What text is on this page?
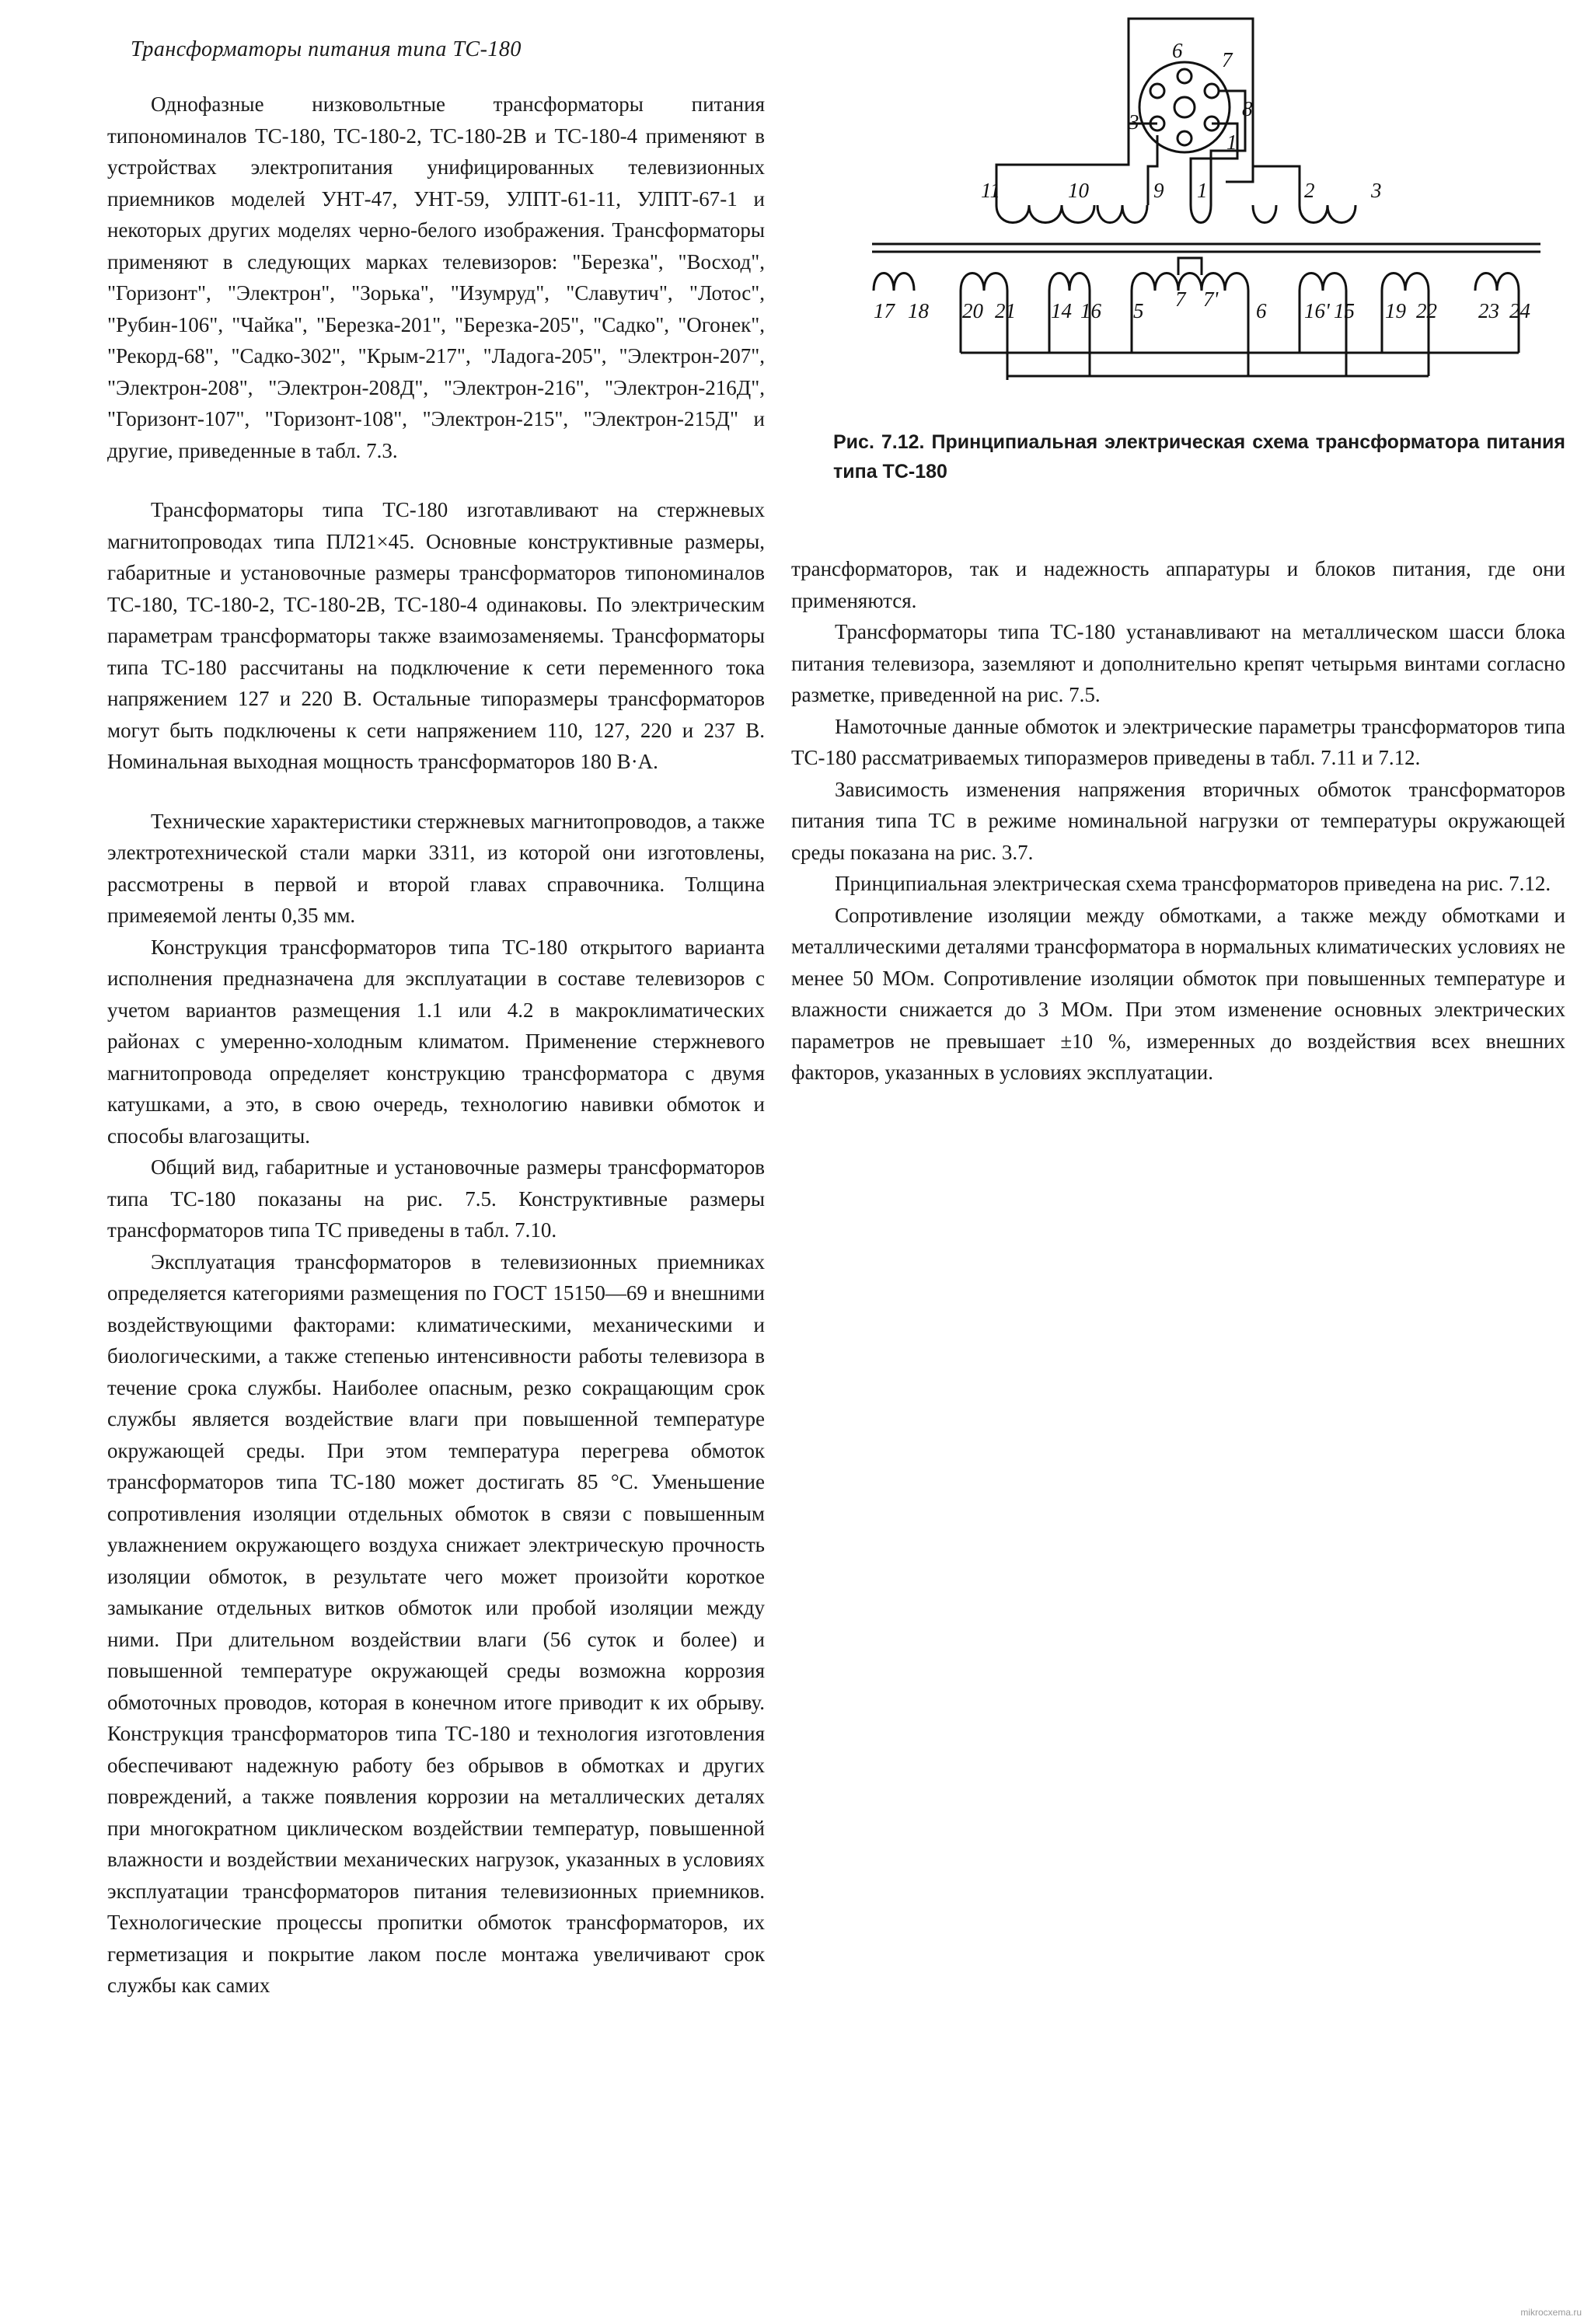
Трансформаторы питания типа ТС-180

Однофазные низковольтные трансформаторы питания типономиналов ТС-180, ТС-180-2, ТС-180-2В и ТС-180-4 применяют в устройствах электропитания унифицированных телевизионных приемников моделей УНТ-47, УНТ-59, УЛПТ-61-11, УЛПТ-67-1 и некоторых других моделях черно-белого изображения. Трансформаторы применяют в следующих марках телевизоров: "Березка", "Восход", "Горизонт", "Электрон", "Зорька", "Изумруд", "Славутич", "Лотос", "Рубин-106", "Чайка", "Березка-201", "Березка-205", "Садко", "Огонек", "Рекорд-68", "Садко-302", "Крым-217", "Ладога-205", "Электрон-207", "Электрон-208", "Электрон-208Д", "Электрон-216", "Электрон-216Д", "Горизонт-107", "Горизонт-108", "Электрон-215", "Электрон-215Д" и другие, приведенные в табл. 7.3.

Трансформаторы типа ТС-180 изготавливают на стержневых магнитопроводах типа ПЛ21×45. Основные конструктивные размеры, габаритные и установочные размеры трансформаторов типономиналов ТС-180, ТС-180-2, ТС-180-2В, ТС-180-4 одинаковы. По электрическим параметрам трансформаторы также взаимозаменяемы. Трансформаторы типа ТС-180 рассчитаны на подключение к сети переменного тока напряжением 127 и 220 В. Остальные типоразмеры трансформаторов могут быть подключены к сети напряжением 110, 127, 220 и 237 В. Номинальная выходная мощность трансформаторов 180 В·А.

Технические характеристики стержневых магнитопроводов, а также электротехнической стали марки 3311, из которой они изготовлены, рассмотрены в первой и второй главах справочника. Толщина примеяемой ленты 0,35 мм.

Конструкция трансформаторов типа ТС-180 открытого варианта исполнения предназначена для эксплуатации в составе телевизоров с учетом вариантов размещения 1.1 или 4.2 в макроклиматических районах с умеренно-холодным климатом. Применение стержневого магнитопровода определяет конструкцию трансформатора с двумя катушками, а это, в свою очередь, технологию навивки обмоток и способы влагозащиты.

Общий вид, габаритные и установочные размеры трансформаторов типа ТС-180 показаны на рис. 7.5. Конструктивные размеры трансформаторов типа ТС приведены в табл. 7.10.

Эксплуатация трансформаторов в телевизионных приемниках определяется категориями размещения по ГОСТ 15150—69 и внешними воздействующими факторами: климатическими, механическими и биологическими, а также степенью интенсивности работы телевизора в течение срока службы. Наиболее опасным, резко сокращающим срок службы является воздействие влаги при повышенной температуре окружающей среды. При этом температура перегрева обмоток трансформаторов типа ТС-180 может достигать 85 °С. Уменьшение сопротивления изоляции отдельных обмоток в связи с повышенным увлажнением окружающего воздуха снижает электрическую прочность изоляции обмоток, в результате чего может произойти короткое замыкание отдельных витков обмоток или пробой изоляции между ними. При длительном воздействии влаги (56 суток и более) и повышенной температуре окружающей среды возможна коррозия обмоточных проводов, которая в конечном итоге приводит к их обрыву. Конструкция трансформаторов типа ТС-180 и технология изготовления обеспечивают надежную работу без обрывов в обмотках и других повреждений, а также появления коррозии на металлических деталях при многократном циклическом воздействии температур, повышенной влажности и воздействии механических нагрузок, указанных в условиях эксплуатации трансформаторов питания телевизионных приемников. Технологические процессы пропитки обмоток трансформаторов, их герметизация и покрытие лаком после монтажа увеличивают срок службы как самих

6 7
3
8
1
11	10	9 1	2	3
17 18 20 21 14 16 5 7 7' 6 16' 15 19 22 23 24
Рис. 7.12. Принципиальная электрическая схема трансформатора питания типа ТС-180

трансформаторов, так и надежность аппаратуры и блоков питания, где они применяются.

Трансформаторы типа ТС-180 устанавливают на металлическом шасси блока питания телевизора, заземляют и дополнительно крепят четырьмя винтами согласно разметке, приведенной на рис. 7.5.

Намоточные данные обмоток и электрические параметры трансформаторов типа ТС-180 рассматриваемых типоразмеров приведены в табл. 7.11 и 7.12.

Зависимость изменения напряжения вторичных обмоток трансформаторов питания типа ТС в режиме номинальной нагрузки от температуры окружающей среды показана на рис. 3.7.

Принципиальная электрическая схема трансформаторов приведена на рис. 7.12.

Сопротивление изоляции между обмотками, а также между обмотками и металлическими деталями трансформатора в нормальных климатических условиях не менее 50 МОм. Сопротивление изоляции обмоток при повышенных температуре и влажности снижается до 3 МОм. При этом изменение основных электрических параметров не превышает ±10 %, измеренных до воздействия всех внешних факторов, указанных в условиях эксплуатации.

mikrocxema.ru
